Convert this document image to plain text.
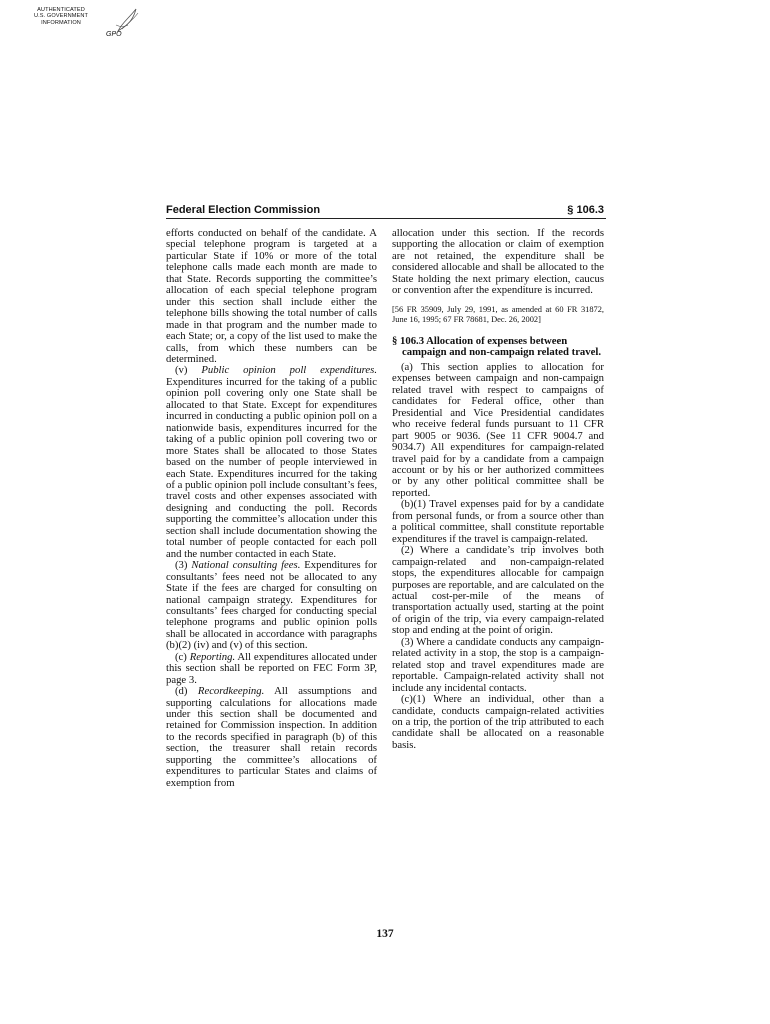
AUTHENTICATED
U.S. GOVERNMENT
INFORMATION
GPO
Federal Election Commission	§ 106.3

efforts conducted on behalf of the candidate. A special telephone program is targeted at a particular State if 10% or more of the total telephone calls made each month are made to that State. Records supporting the committee’s allocation of each special telephone program under this section shall include either the telephone bills showing the total number of calls made in that program and the number made to each State; or, a copy of the list used to make the calls, from which these numbers can be determined.

(v) Public opinion poll expenditures. Expenditures incurred for the taking of a public opinion poll covering only one State shall be allocated to that State. Except for expenditures incurred in conducting a public opinion poll on a nationwide basis, expenditures incurred for the taking of a public opinion poll covering two or more States shall be allocated to those States based on the number of people interviewed in each State. Expenditures incurred for the taking of a public opinion poll include consultant’s fees, travel costs and other expenses associated with designing and conducting the poll. Records supporting the committee’s allocation under this section shall include documentation showing the total number of people contacted for each poll and the number contacted in each State.

(3) National consulting fees. Expenditures for consultants’ fees need not be allocated to any State if the fees are charged for consulting on national campaign strategy. Expenditures for consultants’ fees charged for conducting special telephone programs and public opinion polls shall be allocated in accordance with paragraphs (b)(2) (iv) and (v) of this section.

(c) Reporting. All expenditures allocated under this section shall be reported on FEC Form 3P, page 3.

(d) Recordkeeping. All assumptions and supporting calculations for allocations made under this section shall be documented and retained for Commission inspection. In addition to the records specified in paragraph (b) of this section, the treasurer shall retain records supporting the committee’s allocations of expenditures to particular States and claims of exemption from

allocation under this section. If the records supporting the allocation or claim of exemption are not retained, the expenditure shall be considered allocable and shall be allocated to the State holding the next primary election, caucus or convention after the expenditure is incurred.

[56 FR 35909, July 29, 1991, as amended at 60 FR 31872, June 16, 1995; 67 FR 78681, Dec. 26, 2002]

§ 106.3 Allocation of expenses between campaign and non-campaign related travel.

(a) This section applies to allocation for expenses between campaign and non-campaign related travel with respect to campaigns of candidates for Federal office, other than Presidential and Vice Presidential candidates who receive federal funds pursuant to 11 CFR part 9005 or 9036. (See 11 CFR 9004.7 and 9034.7) All expenditures for campaign-related travel paid for by a candidate from a campaign account or by his or her authorized committees or by any other political committee shall be reported.

(b)(1) Travel expenses paid for by a candidate from personal funds, or from a source other than a political committee, shall constitute reportable expenditures if the travel is campaign-related.

(2) Where a candidate’s trip involves both campaign-related and non-campaign-related stops, the expenditures allocable for campaign purposes are reportable, and are calculated on the actual cost-per-mile of the means of transportation actually used, starting at the point of origin of the trip, via every campaign-related stop and ending at the point of origin.

(3) Where a candidate conducts any campaign-related activity in a stop, the stop is a campaign-related stop and travel expenditures made are reportable. Campaign-related activity shall not include any incidental contacts.

(c)(1) Where an individual, other than a candidate, conducts campaign-related activities on a trip, the portion of the trip attributed to each candidate shall be allocated on a reasonable basis.

137
